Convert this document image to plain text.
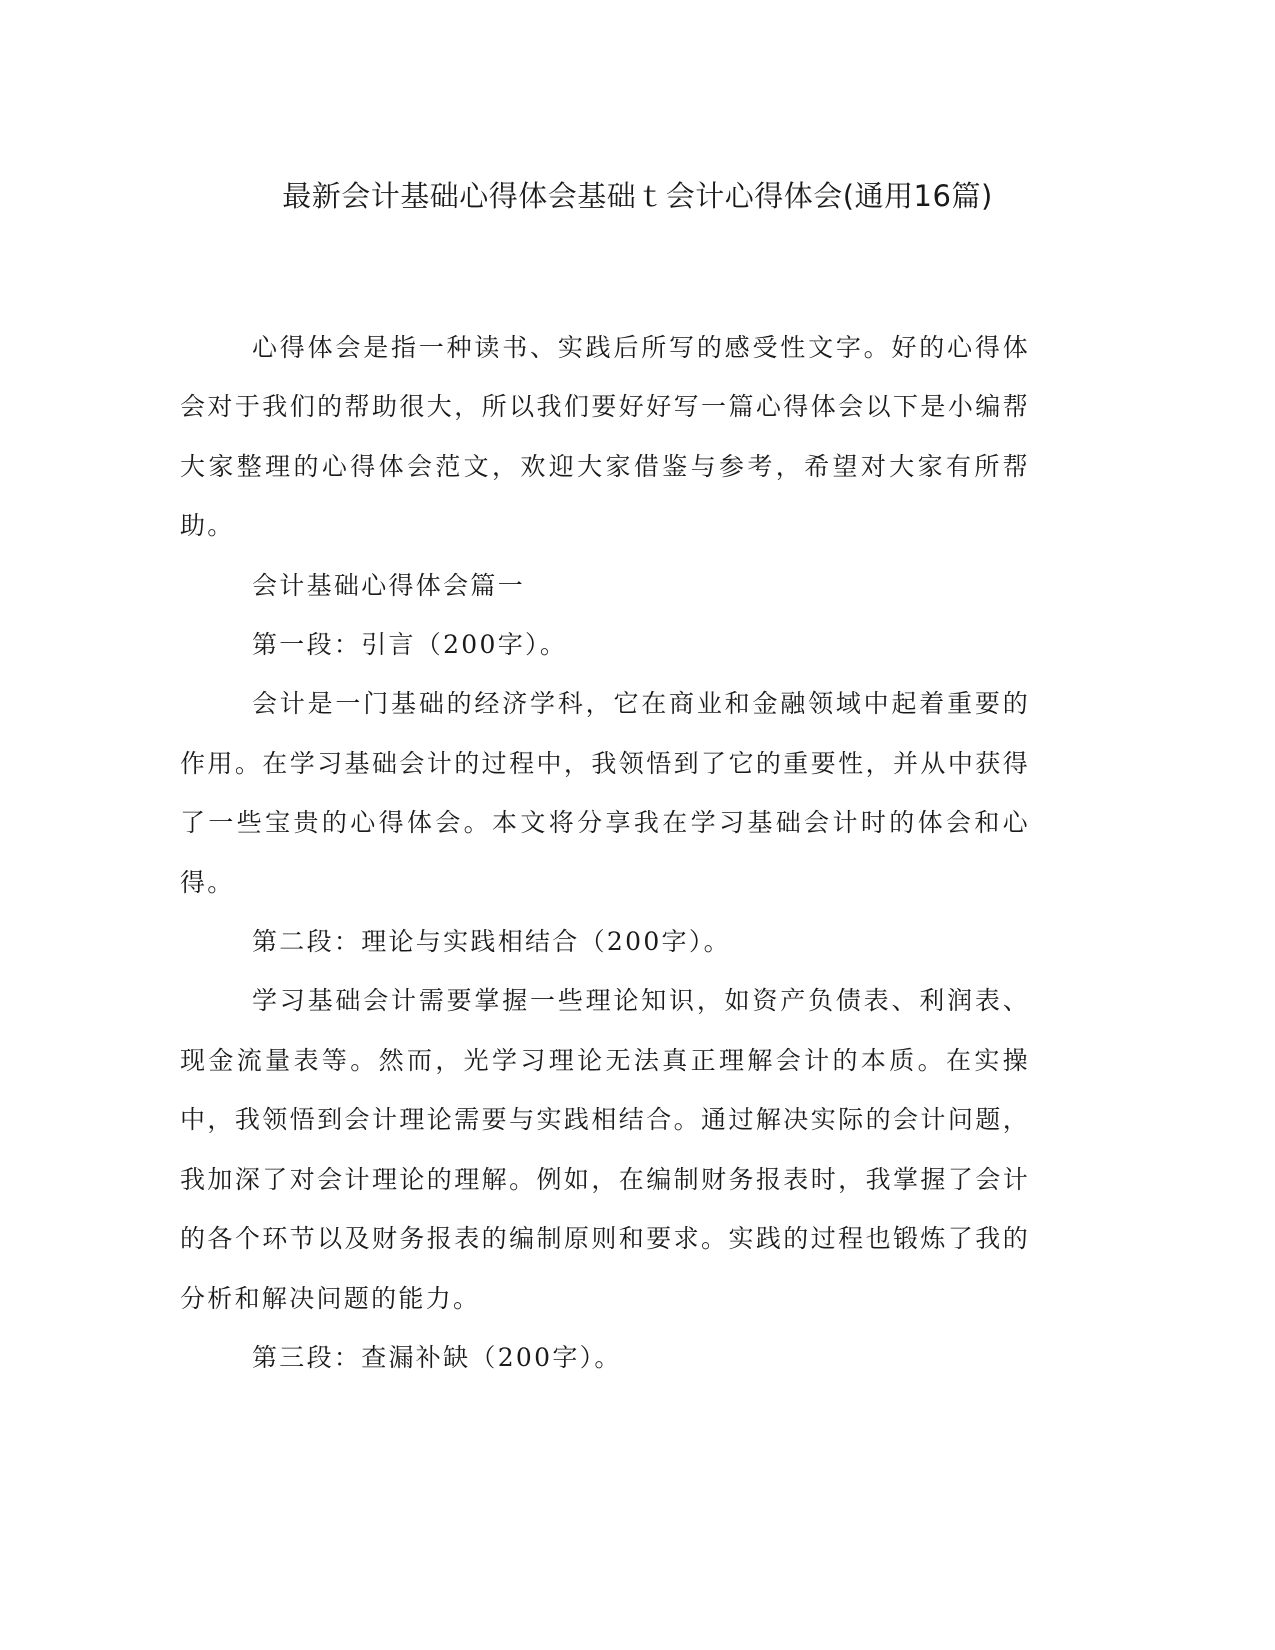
最新会计基础心得体会基础ｔ会计心得体会(通用16篇)

心得体会是指一种读书、实践后所写的感受性文字。好的心得体会对于我们的帮助很大，所以我们要好好写一篇心得体会以下是小编帮大家整理的心得体会范文，欢迎大家借鉴与参考，希望对大家有所帮助。

会计基础心得体会篇一

第一段：引言（200字）。

会计是一门基础的经济学科，它在商业和金融领域中起着重要的作用。在学习基础会计的过程中，我领悟到了它的重要性，并从中获得了一些宝贵的心得体会。本文将分享我在学习基础会计时的体会和心得。

第二段：理论与实践相结合（200字）。

学习基础会计需要掌握一些理论知识，如资产负债表、利润表、现金流量表等。然而，光学习理论无法真正理解会计的本质。在实操中，我领悟到会计理论需要与实践相结合。通过解决实际的会计问题，我加深了对会计理论的理解。例如，在编制财务报表时，我掌握了会计的各个环节以及财务报表的编制原则和要求。实践的过程也锻炼了我的分析和解决问题的能力。

第三段：查漏补缺（200字）。
